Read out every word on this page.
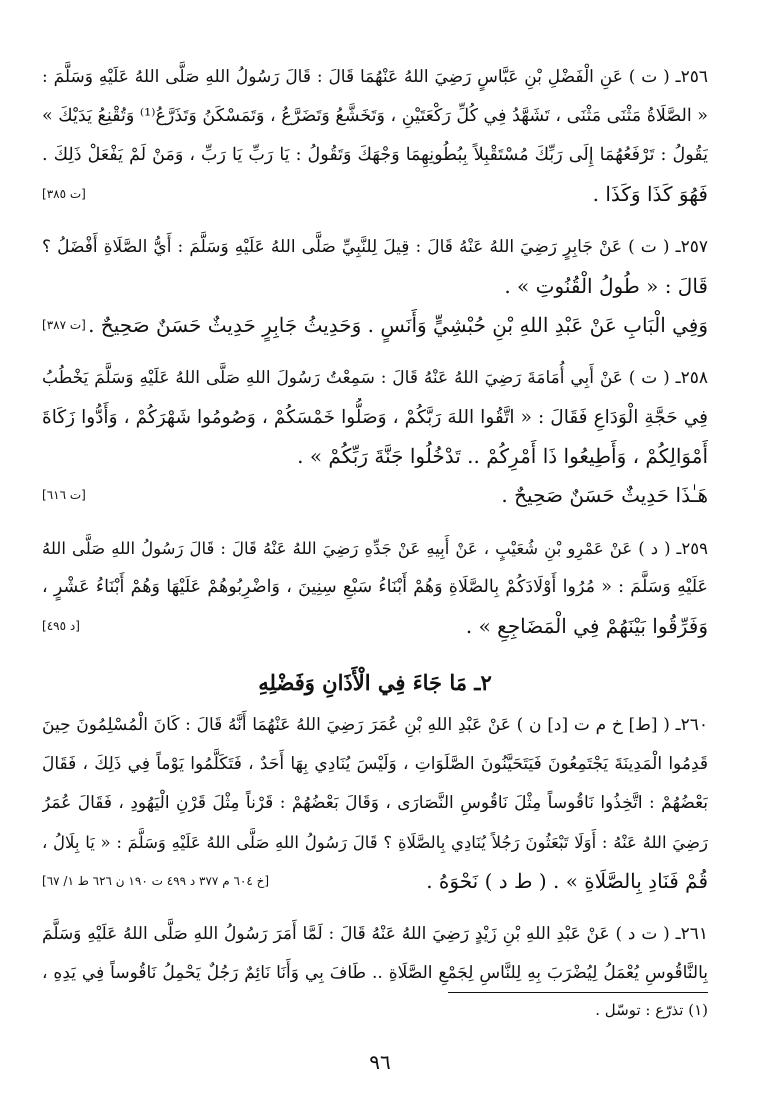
٢٥٦ـ ( ت ) عَنِ الْفَضْلِ بْنِ عَبَّاسٍ رَضِيَ اللهُ عَنْهُمَا قَالَ : قَالَ رَسُولُ اللهِ صَلَّى اللهُ عَلَيْهِ وَسَلَّمَ :
« الصَّلَاةُ مَثْنَى مَثْنَى ، تَشَهَّدُ فِي كُلِّ رَكْعَتَيْنِ ، وَتَخَشَّعُ وَتَضَرَّعُ ، وَتَمَسْكَنُ وَتَذَرَّعُ⁽¹⁾ وَتُقْنِعُ يَدَيْكَ »
يَقُولُ : تَرْفَعُهُمَا إِلَى رَبِّكَ مُسْتَقْبِلاً بِبُطُونِهِمَا وَجْهَكَ وَتَقُولُ : يَا رَبِّ يَا رَبِّ ، وَمَنْ لَمْ يَفْعَلْ ذَلِكَ .
فَهُوَ كَذَا وَكَذَا .
[ت ٣٨٥]
٢٥٧ـ ( ت ) عَنْ جَابِرٍ رَضِيَ اللهُ عَنْهُ قَالَ : قِيلَ لِلنَّبِيِّ صَلَّى اللهُ عَلَيْهِ وَسَلَّمَ : أَيُّ الصَّلَاةِ أَفْضَلُ ؟
قَالَ : « طُولُ الْقُنُوتِ » .
وَفِي الْبَابِ عَنْ عَبْدِ اللهِ بْنِ حُبْشِيٍّ وَأَنَسٍ . وَحَدِيثُ جَابِرٍ حَدِيثٌ حَسَنٌ صَحِيحٌ .
[ت ٣٨٧]
٢٥٨ـ ( ت ) عَنْ أَبِي أُمَامَةَ رَضِيَ اللهُ عَنْهُ قَالَ : سَمِعْتُ رَسُولَ اللهِ صَلَّى اللهُ عَلَيْهِ وَسَلَّمَ يَخْطُبُ
فِي حَجَّةِ الْوَدَاعِ فَقَالَ : « اتَّقُوا اللهَ رَبَّكُمْ ، وَصَلُّوا خَمْسَكُمْ ، وَصُومُوا شَهْرَكُمْ ، وَأَدُّوا زَكَاةَ
أَمْوَالِكُمْ ، وَأَطِيعُوا ذَا أَمْرِكُمْ .. تَدْخُلُوا جَنَّةَ رَبِّكُمْ » .
هَـٰذَا حَدِيثٌ حَسَنٌ صَحِيحٌ .
[ت ٦١٦]
٢٥٩ـ ( د ) عَنْ عَمْرِو بْنِ شُعَيْبٍ ، عَنْ أَبِيهِ عَنْ جَدِّهِ رَضِيَ اللهُ عَنْهُ قَالَ : قَالَ رَسُولُ اللهِ صَلَّى اللهُ
عَلَيْهِ وَسَلَّمَ : « مُرُوا أَوْلَادَكُمْ بِالصَّلَاةِ وَهُمْ أَبْنَاءُ سَبْعِ سِنِينَ ، وَاضْرِبُوهُمْ عَلَيْهَا وَهُمْ أَبْنَاءُ عَشْرٍ ،
وَفَرِّقُوا بَيْنَهُمْ فِي الْمَضَاجِعِ » .
[د ٤٩٥]
٢ـ مَا جَاءَ فِي الْأَذَانِ وَفَضْلِهِ
٢٦٠ـ ( [ط] خ م ت [د] ن ) عَنْ عَبْدِ اللهِ بْنِ عُمَرَ رَضِيَ اللهُ عَنْهُمَا أَنَّهُ قَالَ : كَانَ الْمُسْلِمُونَ حِينَ
قَدِمُوا الْمَدِينَةَ يَجْتَمِعُونَ فَيَتَحَيَّنُونَ الصَّلَوَاتِ ، وَلَيْسَ يُنَادِي بِهَا أَحَدٌ ، فَتَكَلَّمُوا يَوْماً فِي ذَلِكَ ، فَقَالَ
بَعْضُهُمْ : اتَّخِذُوا نَاقُوساً مِثْلَ نَاقُوسِ النَّصَارَى ، وَقَالَ بَعْضُهُمْ : قَرْناً مِثْلَ قَرْنِ الْيَهُودِ ، فَقَالَ عُمَرُ
رَضِيَ اللهُ عَنْهُ : أَوَلَا تَبْعَثُونَ رَجُلاً يُنَادِي بِالصَّلَاةِ ؟ قَالَ رَسُولُ اللهِ صَلَّى اللهُ عَلَيْهِ وَسَلَّمَ : « يَا بِلَالُ ،
قُمْ فَنَادِ بِالصَّلَاةِ » . ( ط د ) نَحْوَهُ .
[خ ٦٠٤ م ٣٧٧ د ٤٩٩ ت ١٩٠ ن ٦٢٦ ط ١/ ٦٧]
٢٦١ـ ( ت د ) عَنْ عَبْدِ اللهِ بْنِ زَيْدٍ رَضِيَ اللهُ عَنْهُ قَالَ : لَمَّا أَمَرَ رَسُولُ اللهِ صَلَّى اللهُ عَلَيْهِ وَسَلَّمَ
بِالنَّاقُوسِ يُعْمَلُ لِيُضْرَبَ بِهِ لِلنَّاسِ لِجَمْعِ الصَّلَاةِ .. طَافَ بِي وَأَنَا نَائِمٌ رَجُلٌ يَحْمِلُ نَاقُوساً فِي يَدِهِ ،
(١) تذرّع : توسّل .
٩٦
